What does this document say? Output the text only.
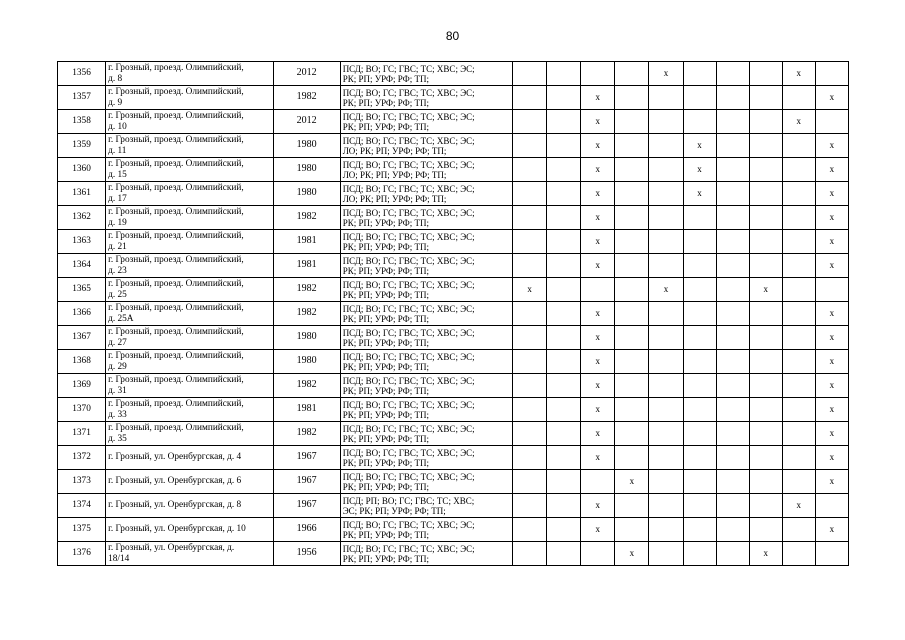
80
1356	г. Грозный, проезд. Олимпийский,
д. 8	2012	ПСД; ВО; ГС; ГВС; ТС; ХВС; ЭС;
РК; РП; УРФ; РФ; ТП;					x				x	
1357	г. Грозный, проезд. Олимпийский,
д. 9	1982	ПСД; ВО; ГС; ГВС; ТС; ХВС; ЭС;
РК; РП; УРФ; РФ; ТП;			x							x
1358	г. Грозный, проезд. Олимпийский,
д. 10	2012	ПСД; ВО; ГС; ГВС; ТС; ХВС; ЭС;
РК; РП; УРФ; РФ; ТП;			x						x	
1359	г. Грозный, проезд. Олимпийский,
д. 11	1980	ПСД; ВО; ГС; ГВС; ТС; ХВС; ЭС;
ЛО; РК; РП; УРФ; РФ; ТП;			x			x				x
1360	г. Грозный, проезд. Олимпийский,
д. 15	1980	ПСД; ВО; ГС; ГВС; ТС; ХВС; ЭС;
ЛО; РК; РП; УРФ; РФ; ТП;			x			x				x
1361	г. Грозный, проезд. Олимпийский,
д. 17	1980	ПСД; ВО; ГС; ГВС; ТС; ХВС; ЭС;
ЛО; РК; РП; УРФ; РФ; ТП;			x			x				x
1362	г. Грозный, проезд. Олимпийский,
д. 19	1982	ПСД; ВО; ГС; ГВС; ТС; ХВС; ЭС;
РК; РП; УРФ; РФ; ТП;			x							x
1363	г. Грозный, проезд. Олимпийский,
д. 21	1981	ПСД; ВО; ГС; ГВС; ТС; ХВС; ЭС;
РК; РП; УРФ; РФ; ТП;			x							x
1364	г. Грозный, проезд. Олимпийский,
д. 23	1981	ПСД; ВО; ГС; ГВС; ТС; ХВС; ЭС;
РК; РП; УРФ; РФ; ТП;			x							x
1365	г. Грозный, проезд. Олимпийский,
д. 25	1982	ПСД; ВО; ГС; ГВС; ТС; ХВС; ЭС;
РК; РП; УРФ; РФ; ТП;	x				x			x		
1366	г. Грозный, проезд. Олимпийский,
д. 25А	1982	ПСД; ВО; ГС; ГВС; ТС; ХВС; ЭС;
РК; РП; УРФ; РФ; ТП;			x							x
1367	г. Грозный, проезд. Олимпийский,
д. 27	1980	ПСД; ВО; ГС; ГВС; ТС; ХВС; ЭС;
РК; РП; УРФ; РФ; ТП;			x							x
1368	г. Грозный, проезд. Олимпийский,
д. 29	1980	ПСД; ВО; ГС; ГВС; ТС; ХВС; ЭС;
РК; РП; УРФ; РФ; ТП;			x							x
1369	г. Грозный, проезд. Олимпийский,
д. 31	1982	ПСД; ВО; ГС; ГВС; ТС; ХВС; ЭС;
РК; РП; УРФ; РФ; ТП;			x							x
1370	г. Грозный, проезд. Олимпийский,
д. 33	1981	ПСД; ВО; ГС; ГВС; ТС; ХВС; ЭС;
РК; РП; УРФ; РФ; ТП;			x							x
1371	г. Грозный, проезд. Олимпийский,
д. 35	1982	ПСД; ВО; ГС; ГВС; ТС; ХВС; ЭС;
РК; РП; УРФ; РФ; ТП;			x							x
1372	г. Грозный, ул. Оренбургская, д. 4	1967	ПСД; ВО; ГС; ГВС; ТС; ХВС; ЭС;
РК; РП; УРФ; РФ; ТП;			x							x
1373	г. Грозный, ул. Оренбургская, д. 6	1967	ПСД; ВО; ГС; ГВС; ТС; ХВС; ЭС;
РК; РП; УРФ; РФ; ТП;				x						x
1374	г. Грозный, ул. Оренбургская, д. 8	1967	ПСД; РП; ВО; ГС; ГВС; ТС; ХВС;
ЭС; РК; РП; УРФ; РФ; ТП;			x						x	
1375	г. Грозный, ул. Оренбургская, д. 10	1966	ПСД; ВО; ГС; ГВС; ТС; ХВС; ЭС;
РК; РП; УРФ; РФ; ТП;			x							x
1376	г. Грозный, ул. Оренбургская, д.
18/14	1956	ПСД; ВО; ГС; ГВС; ТС; ХВС; ЭС;
РК; РП; УРФ; РФ; ТП;				x				x		
